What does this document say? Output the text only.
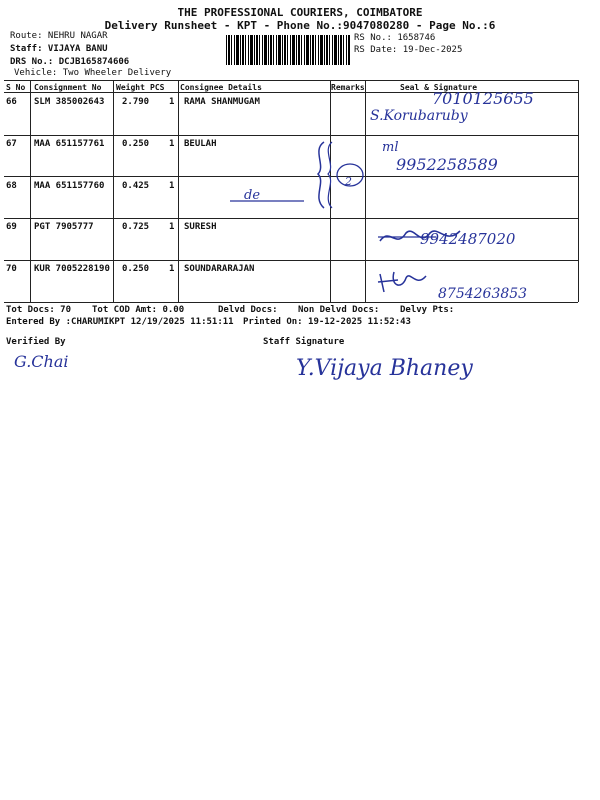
THE PROFESSIONAL COURIERS, COIMBATORE
Delivery Runsheet - KPT - Phone No.:9047080280 - Page No.:6
Route: NEHRU NAGAR
Staff: VIJAYA BANU
DRS No.: DCJB165874606
Vehicle: Two Wheeler Delivery
RS No.: 1658746
RS Date: 19-Dec-2025
S No Consignment No Weight PCS Consignee Details	Remarks	Seal & Signature
66 SLM 385002643 2.790 1 RAMA SHANMUGAM
67 MAA 651157761 0.250 1 BEULAH
68 MAA 651157760 0.425 1
69 PGT 7905777	0.725 1 SURESH
70 KUR 7005228190 0.250 1 SOUNDARARAJAN
7010125655
S.Korubaruby
ml
9952258589
2
de
9942487020
8754263853
Tot Docs: 70 Tot COD Amt: 0.00	Delvd Docs: Non Delvd Docs: Delvy Pts:
Entered By :CHARUMIKPT 12/19/2025 11:51:11 Printed On: 19-12-2025 11:52:43
Verified By	Staff Signature
G.Chai	Y.Vijaya Bhaney
